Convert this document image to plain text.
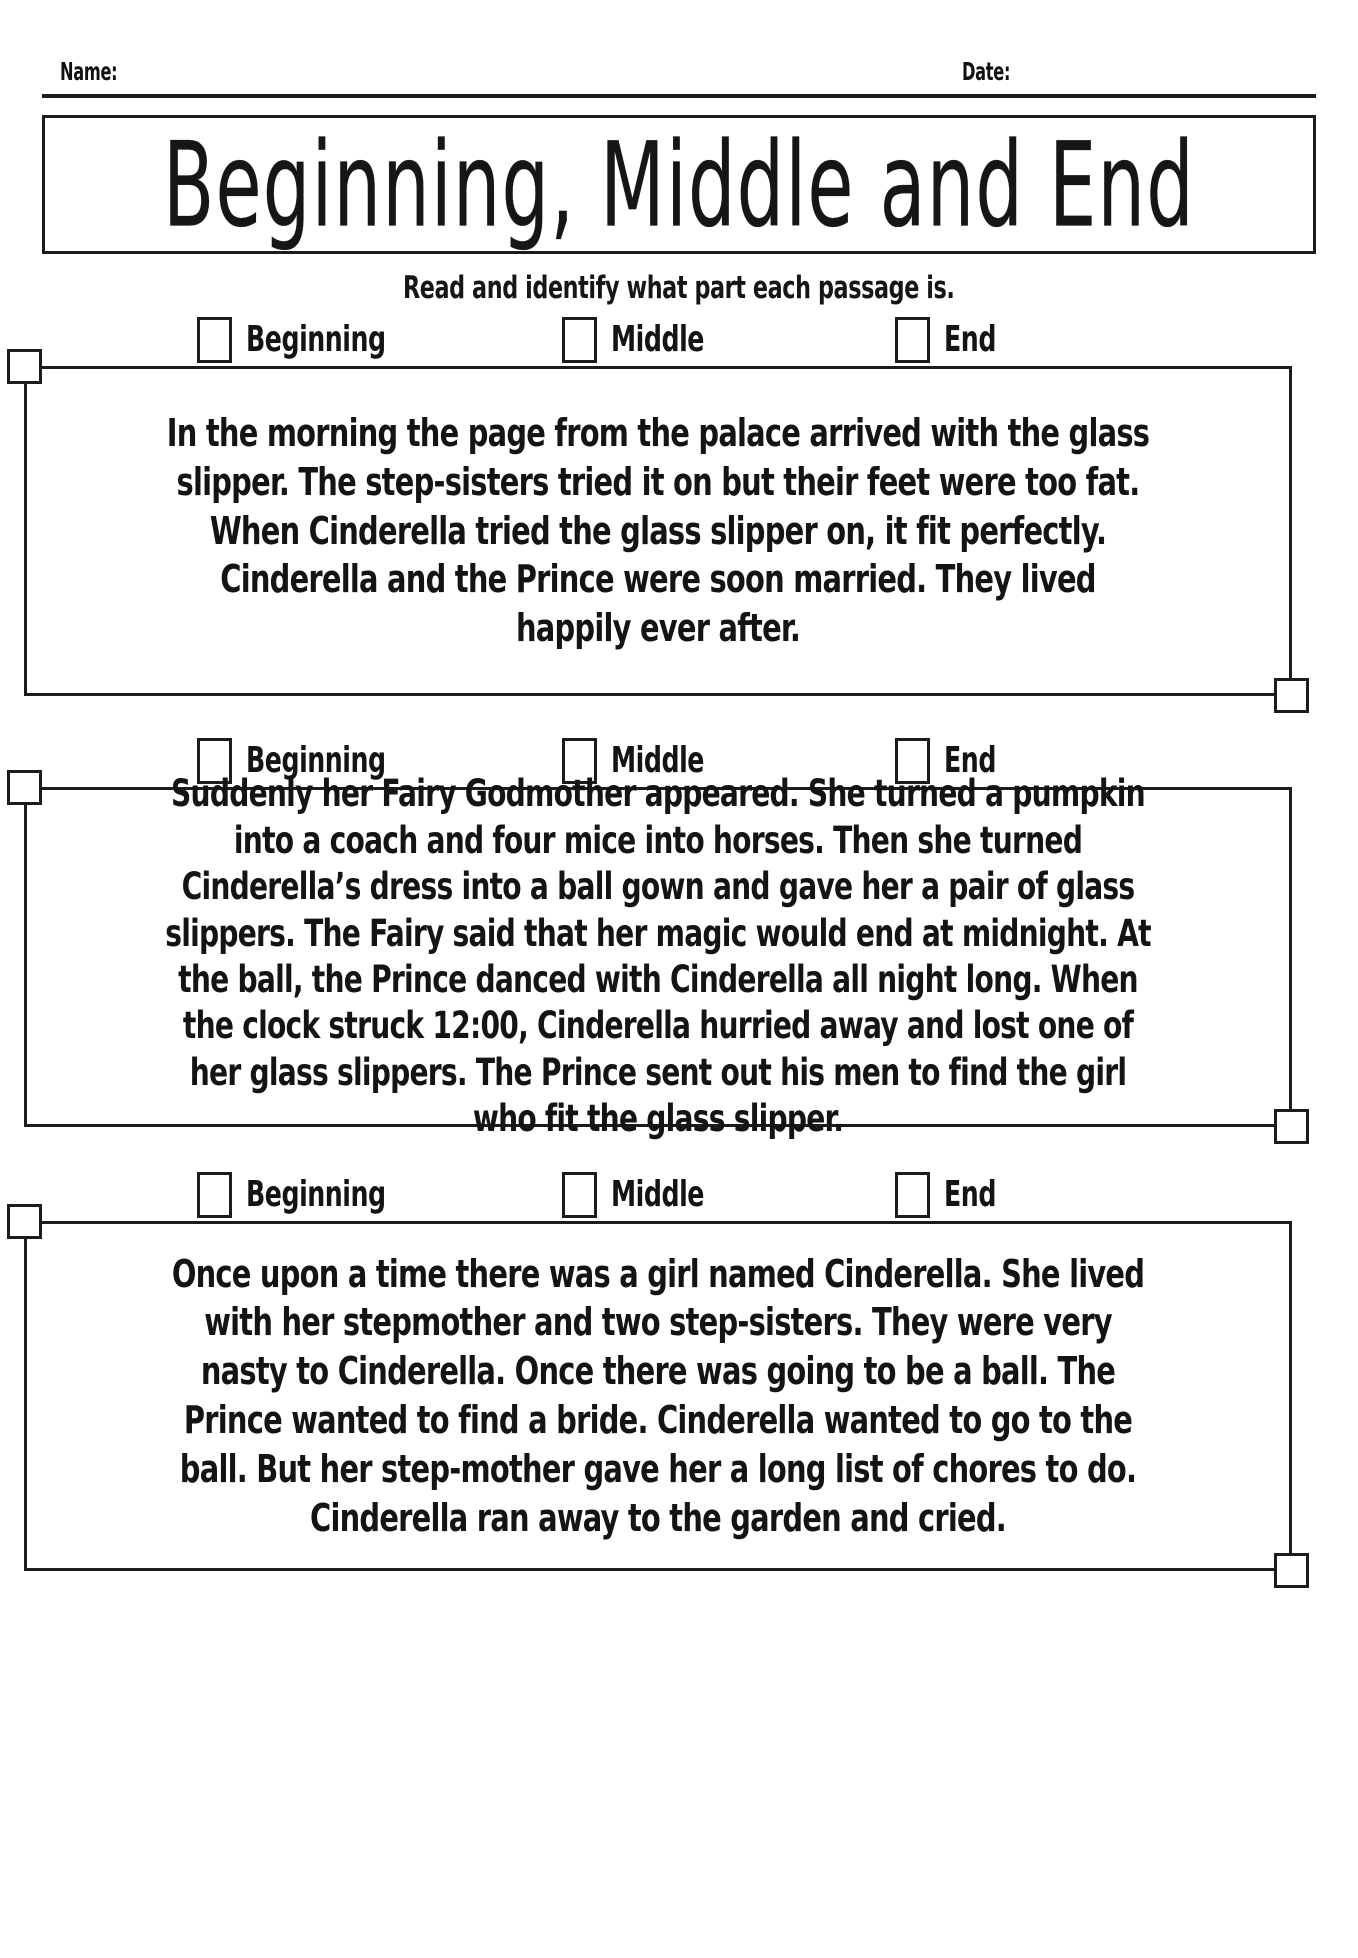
Name:	Date:
Beginning, Middle and End
Read and identify what part each passage is.
Beginning	Middle	End
In the morning the page from the palace arrived with the glass slipper. The step-sisters tried it on but their feet were too fat. When Cinderella tried the glass slipper on, it fit perfectly. Cinderella and the Prince were soon married. They lived happily ever after.
Beginning	Middle	End
Suddenly her Fairy Godmother appeared. She turned a pumpkin into a coach and four mice into horses. Then she turned Cinderella’s dress into a ball gown and gave her a pair of glass slippers. The Fairy said that her magic would end at midnight. At the ball, the Prince danced with Cinderella all night long. When the clock struck 12:00, Cinderella hurried away and lost one of her glass slippers. The Prince sent out his men to find the girl who fit the glass slipper.
Beginning	Middle	End
Once upon a time there was a girl named Cinderella. She lived with her stepmother and two step-sisters. They were very nasty to Cinderella. Once there was going to be a ball. The Prince wanted to find a bride. Cinderella wanted to go to the ball. But her step-mother gave her a long list of chores to do. Cinderella ran away to the garden and cried.
